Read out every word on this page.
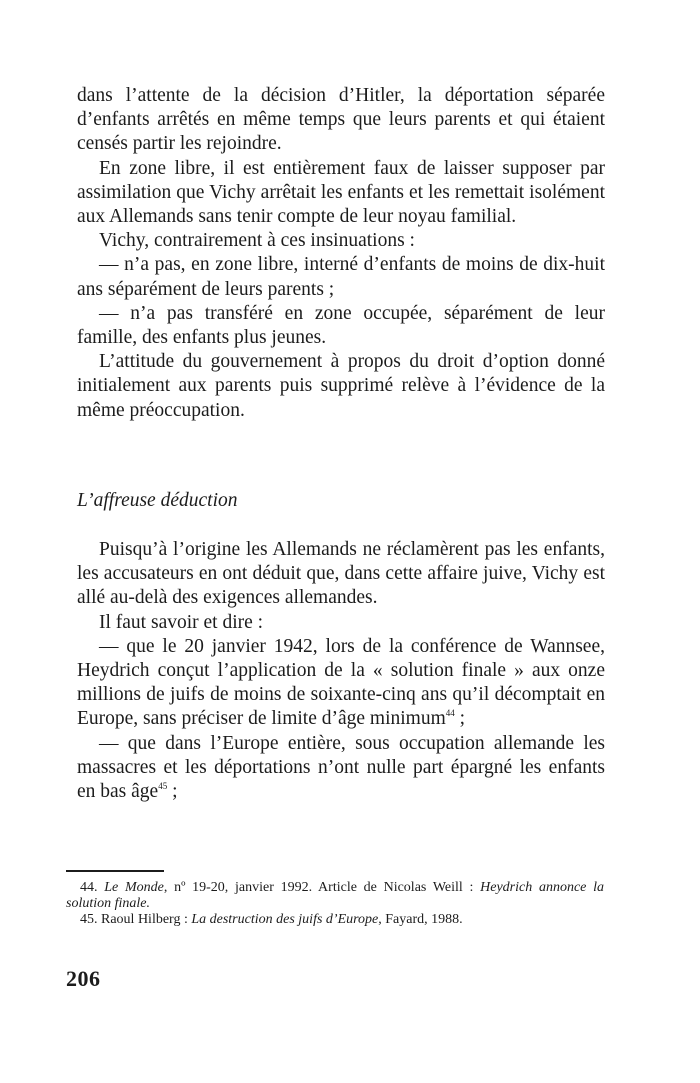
dans l’attente de la décision d’Hitler, la déportation séparée d’enfants arrêtés en même temps que leurs parents et qui étaient censés partir les rejoindre.

En zone libre, il est entièrement faux de laisser supposer par assimilation que Vichy arrêtait les enfants et les remettait isolément aux Allemands sans tenir compte de leur noyau familial.

Vichy, contrairement à ces insinuations :

— n’a pas, en zone libre, interné d’enfants de moins de dix-huit ans séparément de leurs parents ;

— n’a pas transféré en zone occupée, séparément de leur famille, des enfants plus jeunes.

L’attitude du gouvernement à propos du droit d’option donné initialement aux parents puis supprimé relève à l’évidence de la même préoccupation.

L’affreuse déduction

Puisqu’à l’origine les Allemands ne réclamèrent pas les enfants, les accusateurs en ont déduit que, dans cette affaire juive, Vichy est allé au-delà des exigences allemandes.

Il faut savoir et dire :

— que le 20 janvier 1942, lors de la conférence de Wannsee, Heydrich conçut l’application de la « solution finale » aux onze millions de juifs de moins de soixante-cinq ans qu’il décomptait en Europe, sans préciser de limite d’âge minimum$^{44}$ ;

— que dans l’Europe entière, sous occupation allemande les massacres et les déportations n’ont nulle part épargné les enfants en bas âge$^{45}$ ;

44. Le Monde, nº 19-20, janvier 1992. Article de Nicolas Weill : Heydrich annonce la solution finale.

45. Raoul Hilberg : La destruction des juifs d’Europe, Fayard, 1988.

206
